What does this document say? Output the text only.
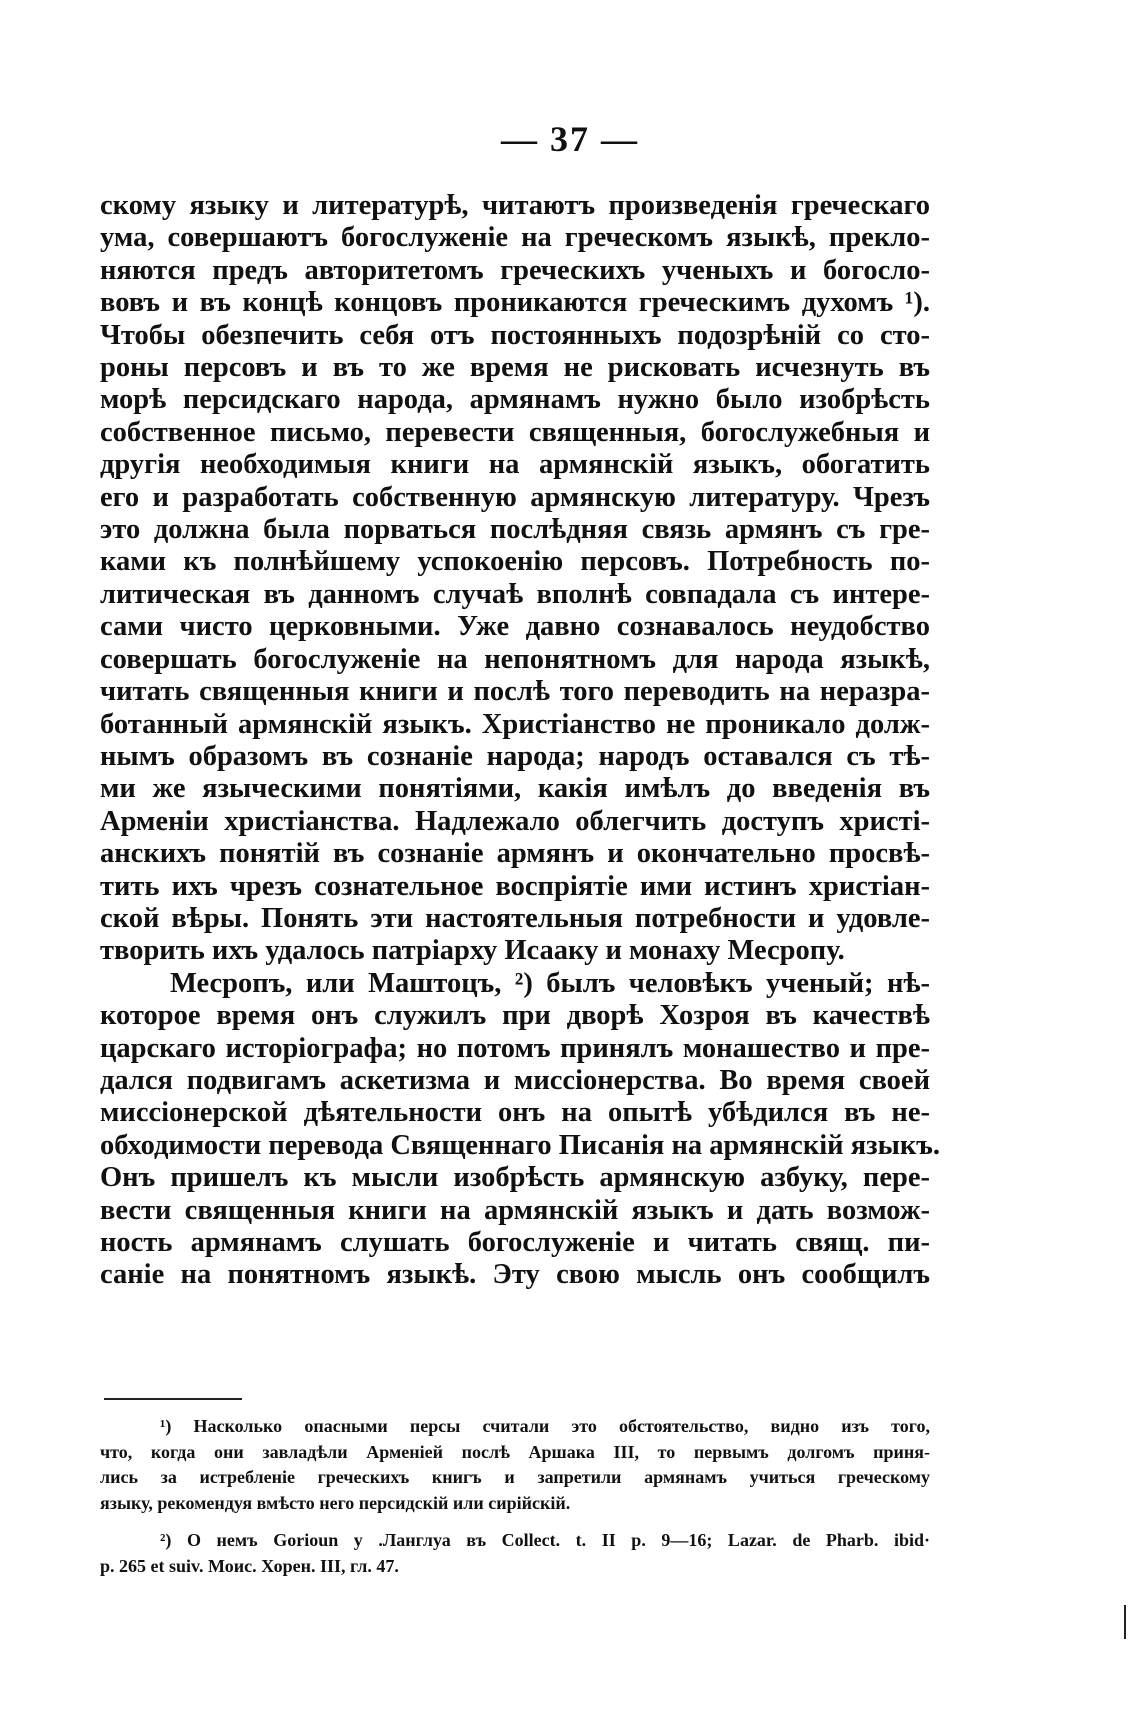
— 37 —

скому языку и литературѣ, читаютъ произведенія греческаго
ума, совершаютъ богослуженіе на греческомъ языкѣ, прекло-
няются предъ авторитетомъ греческихъ ученыхъ и богосло-
вовъ и въ концѣ концовъ проникаются греческимъ духомъ ¹).
Чтобы обезпечить себя отъ постоянныхъ подозрѣній со сто-
роны персовъ и въ то же время не рисковать исчезнуть въ
морѣ персидскаго народа, армянамъ нужно было изобрѣсть
собственное письмо, перевести священныя, богослужебныя и
другія необходимыя книги на армянскій языкъ, обогатить
его и разработать собственную армянскую литературу. Чрезъ
это должна была порваться послѣдняя связь армянъ съ гре-
ками къ полнѣйшему успокоенію персовъ. Потребность по-
литическая въ данномъ случаѣ вполнѣ совпадала съ интере-
сами чисто церковными. Уже давно сознавалось неудобство
совершать богослуженіе на непонятномъ для народа языкѣ,
читать священныя книги и послѣ того переводить на неразра-
ботанный армянскій языкъ. Христіанство не проникало долж-
нымъ образомъ въ сознаніе народа; народъ оставался съ тѣ-
ми же языческими понятіями, какія имѣлъ до введенія въ
Арменіи христіанства. Надлежало облегчить доступъ христі-
анскихъ понятій въ сознаніе армянъ и окончательно просвѣ-
тить ихъ чрезъ сознательное воспріятіе ими истинъ христіан-
ской вѣры. Понять эти настоятельныя потребности и удовле-
творить ихъ удалось патріарху Исааку и монаху Месропу.

Месропъ, или Маштоцъ, ²) былъ человѣкъ ученый; нѣ-
которое время онъ служилъ при дворѣ Хозроя въ качествѣ
царскаго исторіографа; но потомъ принялъ монашество и пре-
дался подвигамъ аскетизма и миссіонерства. Во время своей
миссіонерской дѣятельности онъ на опытѣ убѣдился въ не-
обходимости перевода Священнаго Писанія на армянскій языкъ.
Онъ пришелъ къ мысли изобрѣсть армянскую азбуку, пере-
вести священныя книги на армянскій языкъ и дать возмож-
ность армянамъ слушать богослуженіе и читать свящ. пи-
саніе на понятномъ языкѣ. Эту свою мысль онъ сообщилъ

¹) Насколько опасными персы считали это обстоятельство, видно изъ того,
что, когда они завладѣли Арменіей послѣ Аршака III, то первымъ долгомъ приня-
лись за истребленіе греческихъ книгъ и запретили армянамъ учиться греческому
языку, рекомендуя вмѣсто него персидскій или сирійскій.

²) О немъ Goriоun y .Ланглуа въ Collect. t. II р. 9—16; Lazar. de Pharb. ibid·
р. 265 et suiv. Моис. Хорен. III, гл. 47.
